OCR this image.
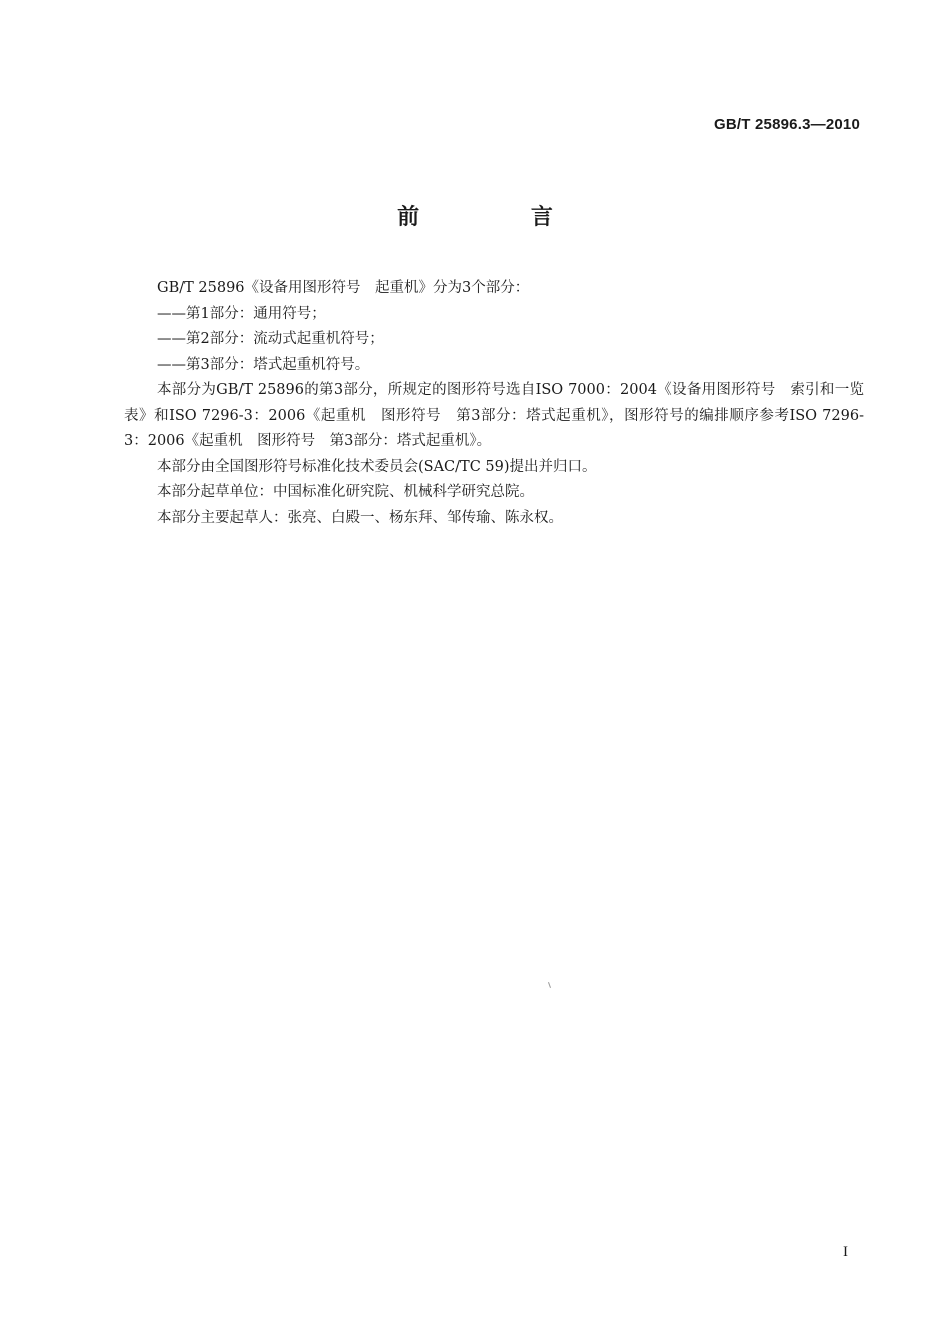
GB/T 25896.3—2010
前 言

GB/T 25896《设备用图形符号　起重机》分为3个部分：

——第1部分：通用符号；

——第2部分：流动式起重机符号；

——第3部分：塔式起重机符号。

本部分为GB/T 25896的第3部分，所规定的图形符号选自ISO 7000：2004《设备用图形符号　索引和一览表》和ISO 7296-3：2006《起重机　图形符号　第3部分：塔式起重机》，图形符号的编排顺序参考ISO 7296-3：2006《起重机　图形符号　第3部分：塔式起重机》。

本部分由全国图形符号标准化技术委员会(SAC/TC 59)提出并归口。

本部分起草单位：中国标准化研究院、机械科学研究总院。

本部分主要起草人：张亮、白殿一、杨东拜、邹传瑜、陈永权。

I
